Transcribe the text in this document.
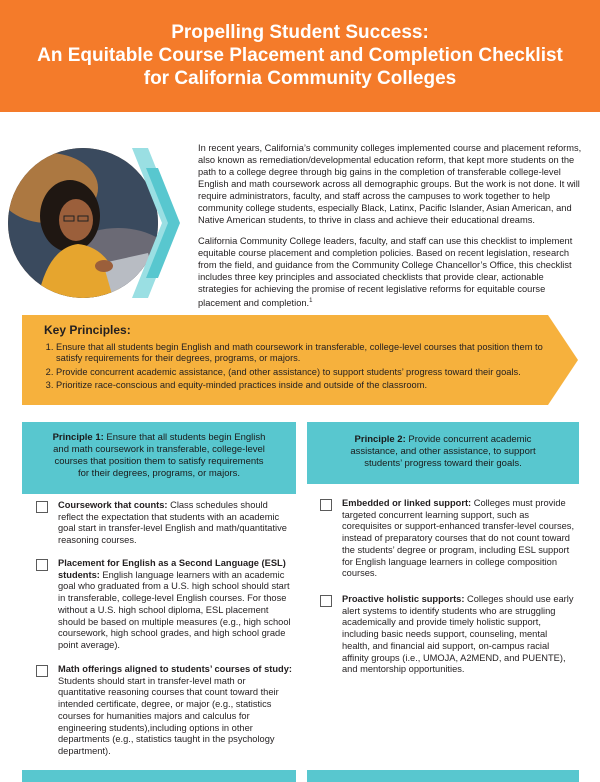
Propelling Student Success:
An Equitable Course Placement and Completion Checklist
for California Community Colleges

In recent years, California’s community colleges implemented course and placement reforms, also known as remediation/developmental education reform, that kept more students on the path to a college degree through big gains in the completion of transferable college-level English and math coursework across all demographic groups. But the work is not done. It will require administrators, faculty, and staff across the campuses to work together to help community college students, especially Black, Latinx, Pacific Islander, Asian American, and Native American students, to thrive in class and achieve their educational dreams.

California Community College leaders, faculty, and staff can use this checklist to implement equitable course placement and completion policies. Based on recent legislation, research from the field, and guidance from the Community College Chancellor’s Office, this checklist includes three key principles and associated checklists that provide clear, actionable strategies for achieving the promise of recent legislative reforms for equitable course placement and completion.$^1$

Key Principles:
1. Ensure that all students begin English and math coursework in transferable, college-level courses that position them to satisfy requirements for their degrees, programs, or majors.
2. Provide concurrent academic assistance, (and other assistance) to support students’ progress toward their goals.
3. Prioritize race-conscious and equity-minded practices inside and outside of the classroom.
Principle 1: Ensure that all students begin English and math coursework in transferable, college-level courses that position them to satisfy requirements for their degrees, programs, or majors.
Principle 2: Provide concurrent academic assistance, and other assistance, to support students’ progress toward their goals.
Coursework that counts: Class schedules should reflect the expectation that students with an academic goal start in transfer-level English and math/quantitative reasoning courses.
Placement for English as a Second Language (ESL) students: English language learners with an academic goal who graduated from a U.S. high school should start in transferable, college-level English courses. For those without a U.S. high school diploma, ESL placement should be based on multiple measures (e.g., high school coursework, high school grades, and high school grade point average).
Math offerings aligned to students’ courses of study: Students should start in transfer-level math or quantitative reasoning courses that count toward their intended certificate, degree, or major (e.g., statistics courses for humanities majors and calculus for engineering students),including options in other departments (e.g., statistics taught in the psychology department).
Embedded or linked support: Colleges must provide targeted concurrent learning support, such as corequisites or support-enhanced transfer-level courses, instead of preparatory courses that do not count toward the students’ degree or program, including ESL support for English language learners in college composition courses.
Proactive holistic supports: Colleges should use early alert systems to identify students who are struggling academically and provide timely holistic support, including basic needs support, counseling, mental health, and financial aid support, on-campus racial affinity groups (i.e., UMOJA, A2MEND, and PUENTE), and mentorship opportunities.
